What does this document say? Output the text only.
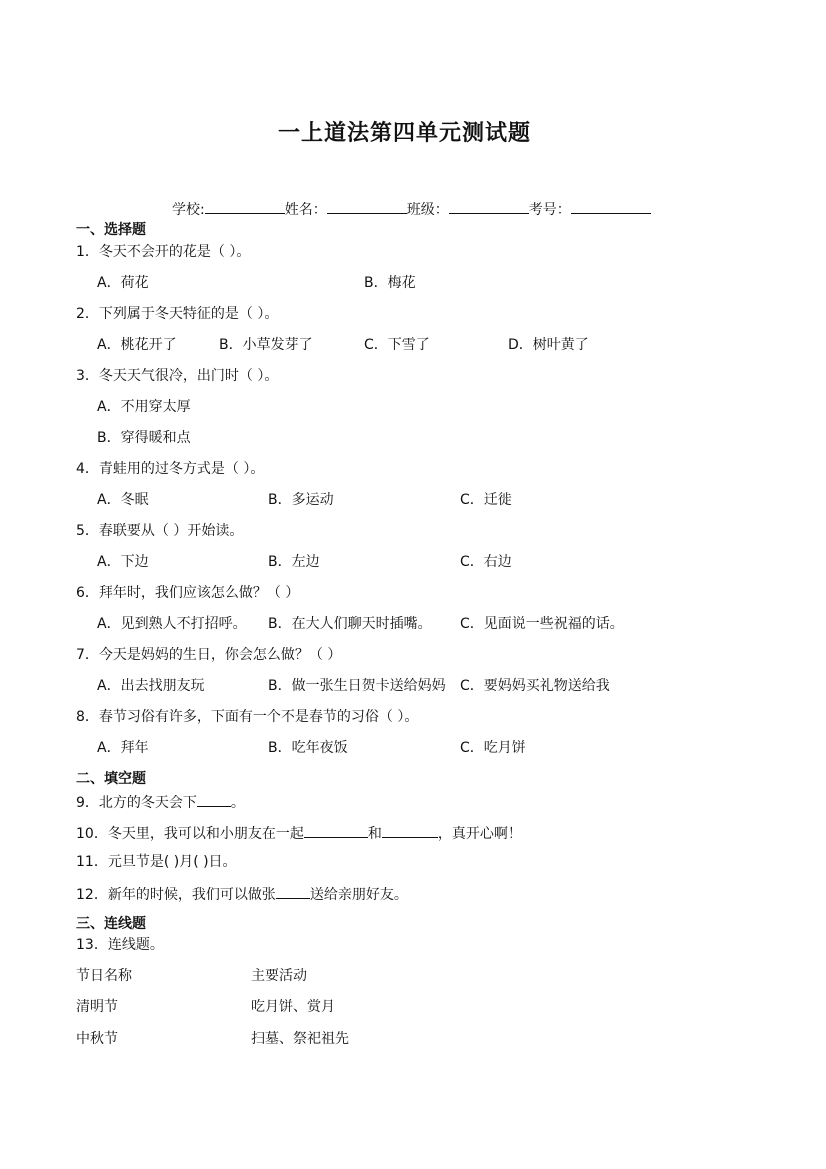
一上道法第四单元测试题
学校:	姓名：	班级：	考号：
一、选择题
1．冬天不会开的花是（ ）。
A．荷花	B．梅花
2．下列属于冬天特征的是（ ）。
A．桃花开了	B．小草发芽了	C．下雪了	D．树叶黄了
3．冬天天气很冷，出门时（ ）。
A．不用穿太厚
B．穿得暖和点
4．青蛙用的过冬方式是（ ）。
A．冬眠	B．多运动	C．迁徙
5．春联要从（ ）开始读。
A．下边	B．左边	C．右边
6．拜年时，我们应该怎么做？（ ）
A．见到熟人不打招呼。 B．在大人们聊天时插嘴。 C．见面说一些祝福的话。
7．今天是妈妈的生日，你会怎么做？（ ）
A．出去找朋友玩	B．做一张生日贺卡送给妈妈 C．要妈妈买礼物送给我
8．春节习俗有许多，下面有一个不是春节的习俗（ ）。
A．拜年	B．吃年夜饭	C．吃月饼
二、填空题
9．北方的冬天会下 。
10．冬天里，我可以和小朋友在一起	和	，真开心啊！
11．元旦节是( )月( )日。
12．新年的时候，我们可以做张 送给亲朋好友。
三、连线题
13．连线题。
节日名称	主要活动
清明节	吃月饼、赏月
中秋节	扫墓、祭祀祖先
